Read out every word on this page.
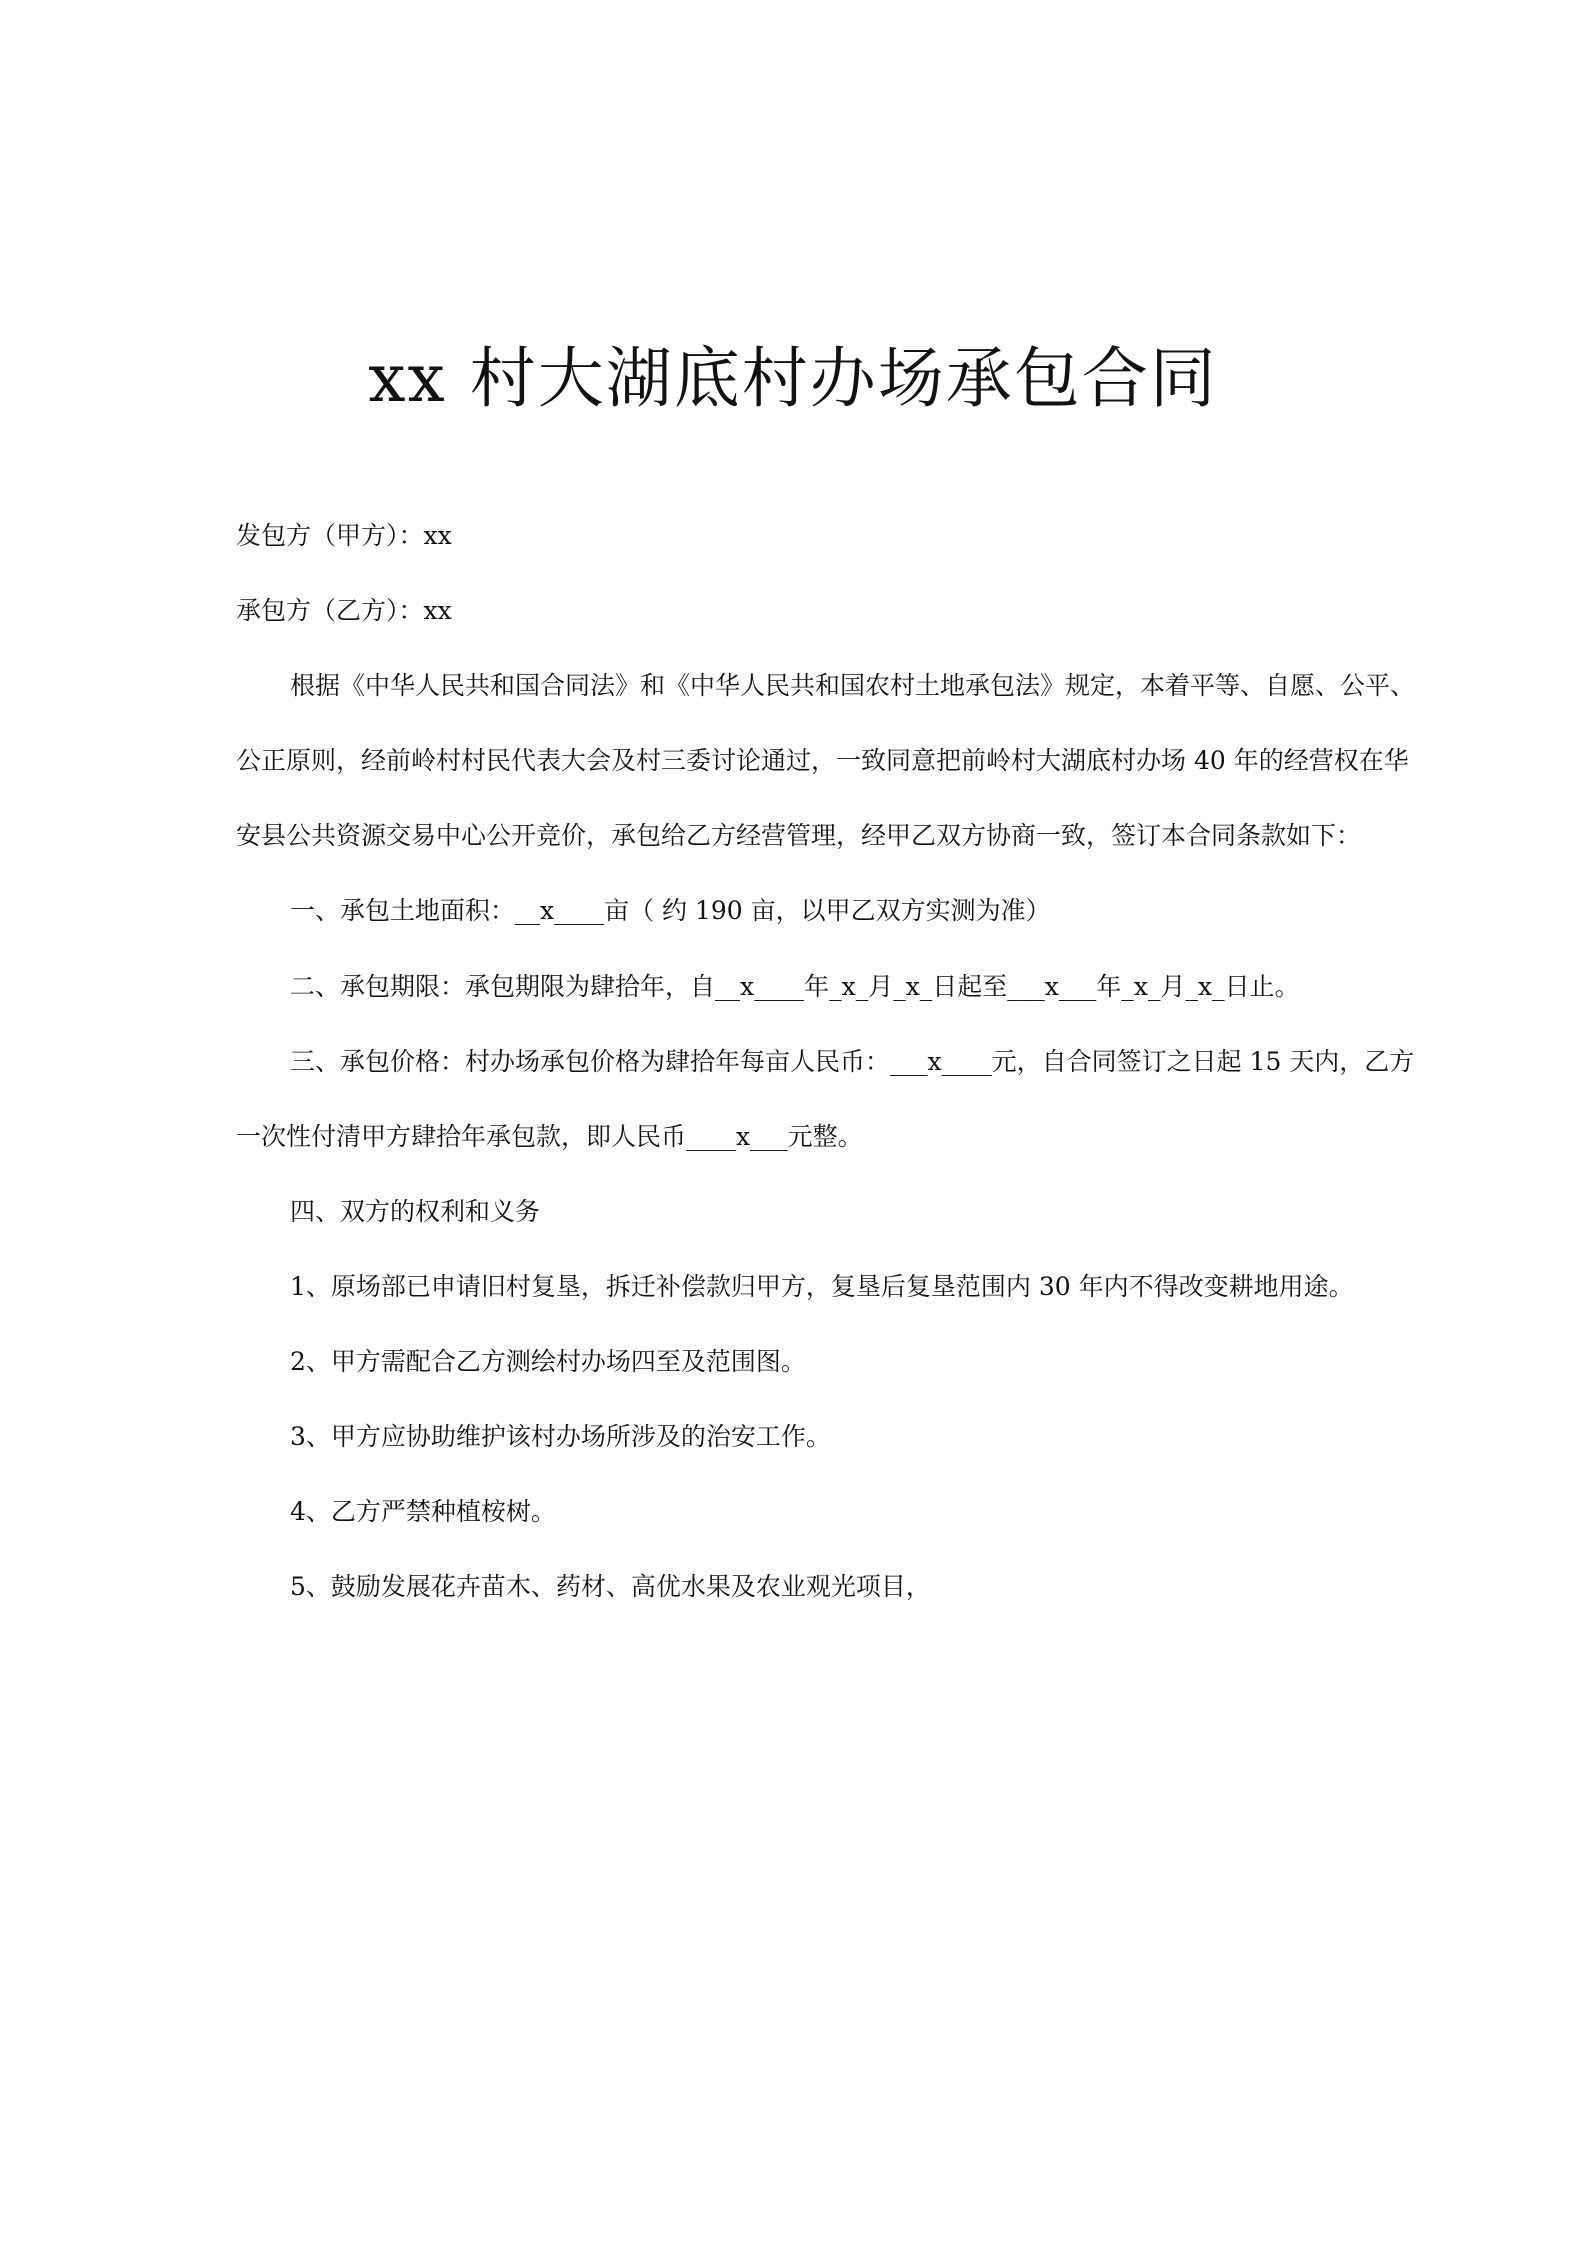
xx 村大湖底村办场承包合同
发包方（甲方）：xx
承包方（乙方）：xx
根据《中华人民共和国合同法》和《中华人民共和国农村土地承包法》规定，本着平等、自愿、公平、
公正原则，经前岭村村民代表大会及村三委讨论通过，一致同意把前岭村大湖底村办场 40 年的经营权在华
安县公共资源交易中心公开竞价，承包给乙方经营管理，经甲乙双方协商一致，签订本合同条款如下：
一、承包土地面积：__x____亩（ 约 190 亩，以甲乙双方实测为准）
二、承包期限：承包期限为肆拾年，自__x____年_x_月_x_日起至___x___年_x_月_x_日止。
三、承包价格：村办场承包价格为肆拾年每亩人民币：___x____元，自合同签订之日起 15 天内，乙方
一次性付清甲方肆拾年承包款，即人民币____x___元整。
四、双方的权利和义务
1、原场部已申请旧村复垦，拆迁补偿款归甲方，复垦后复垦范围内 30 年内不得改变耕地用途。
2、甲方需配合乙方测绘村办场四至及范围图。
3、甲方应协助维护该村办场所涉及的治安工作。
4、乙方严禁种植桉树。
5、鼓励发展花卉苗木、药材、高优水果及农业观光项目，
